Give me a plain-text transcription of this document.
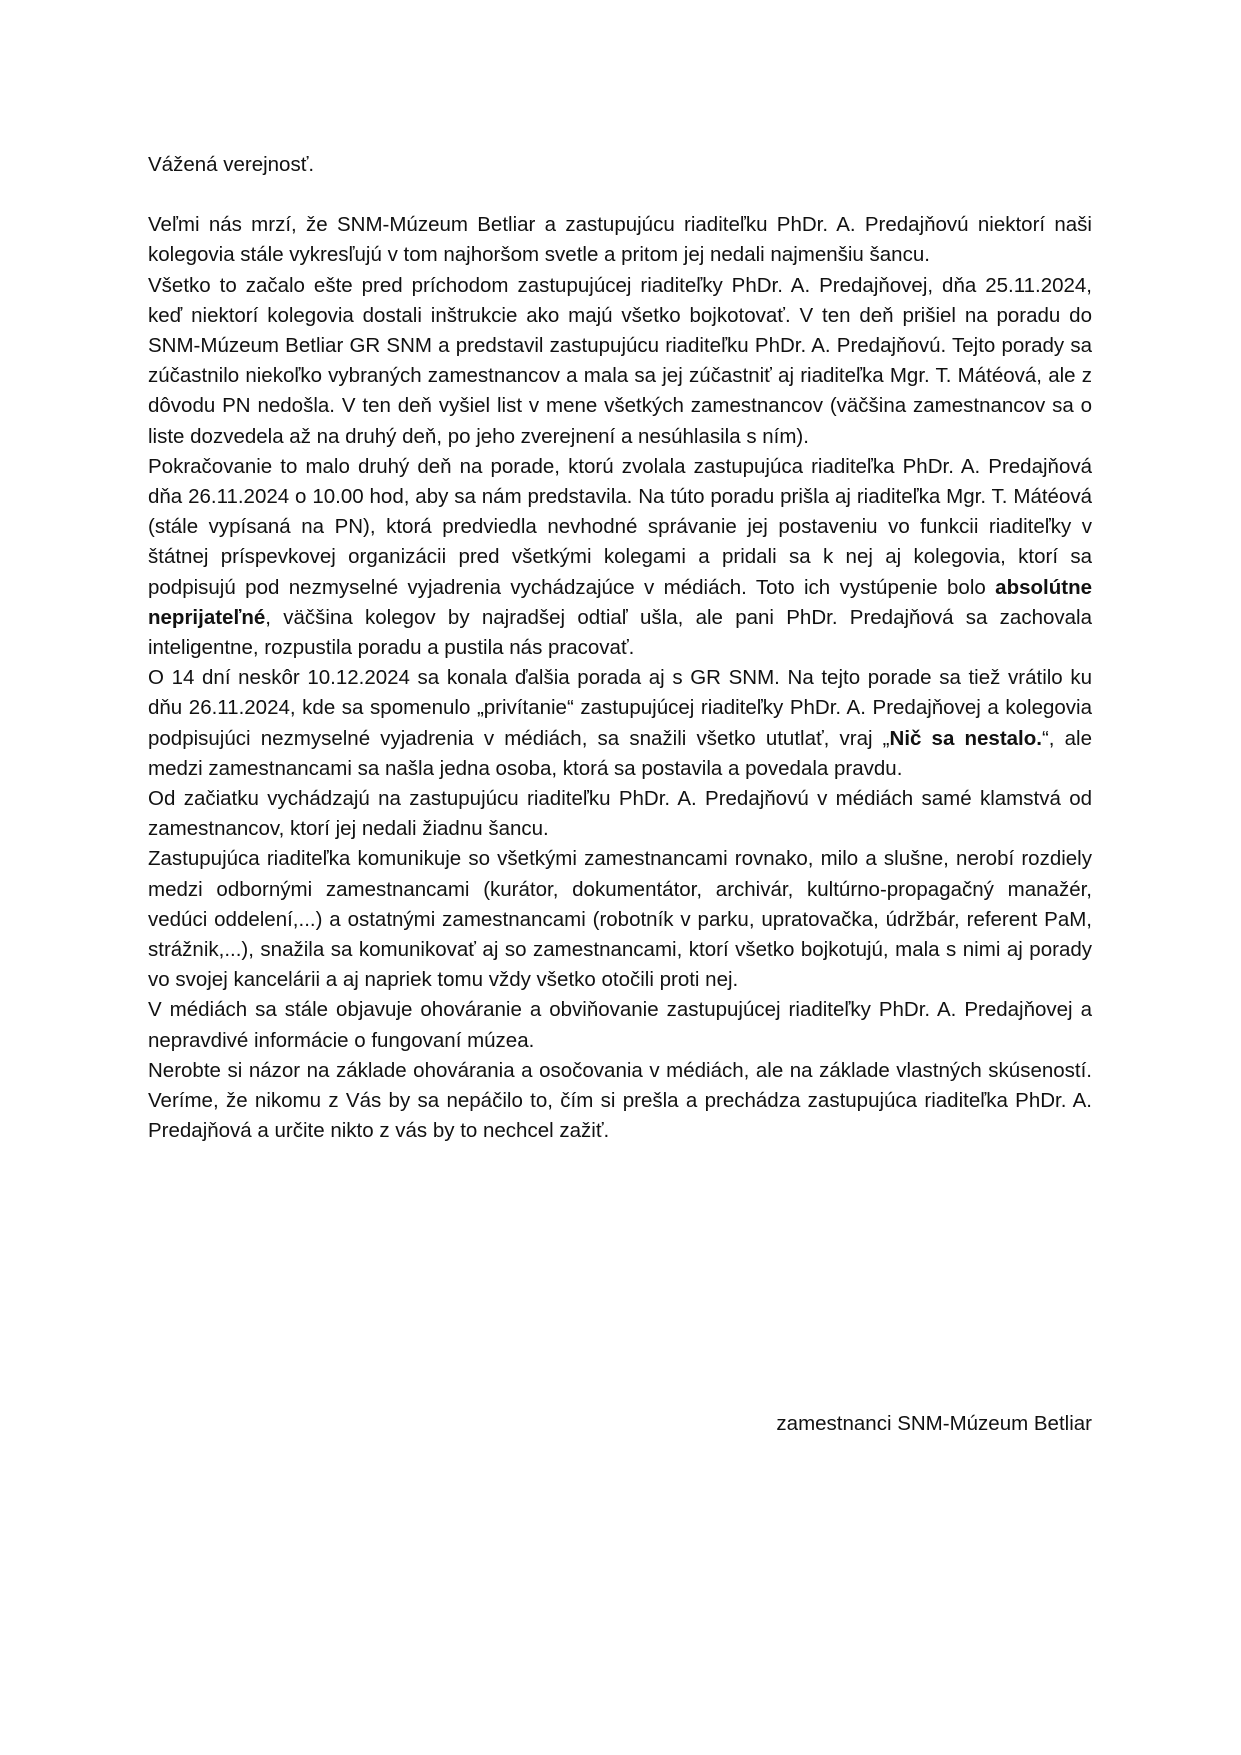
Vážená verejnosť.

Veľmi nás mrzí, že SNM-Múzeum Betliar a zastupujúcu riaditeľku PhDr. A. Predajňovú niektorí naši kolegovia stále vykresľujú v tom najhoršom svetle a pritom jej nedali najmenšiu šancu.

Všetko to začalo ešte pred príchodom zastupujúcej riaditeľky PhDr. A. Predajňovej, dňa 25.11.2024, keď niektorí kolegovia dostali inštrukcie ako majú všetko bojkotovať. V ten deň prišiel na poradu do SNM-Múzeum Betliar GR SNM a predstavil zastupujúcu riaditeľku PhDr. A. Predajňovú. Tejto porady sa zúčastnilo niekoľko vybraných zamestnancov a mala sa jej zúčastniť aj riaditeľka Mgr. T. Mátéová, ale z dôvodu PN nedošla. V ten deň vyšiel list v mene všetkých zamestnancov (väčšina zamestnancov sa o liste dozvedela až na druhý deň, po jeho zverejnení a nesúhlasila s ním).

Pokračovanie to malo druhý deň na porade, ktorú zvolala zastupujúca riaditeľka PhDr. A. Predajňová dňa 26.11.2024 o 10.00 hod, aby sa nám predstavila. Na túto poradu prišla aj riaditeľka Mgr. T. Mátéová (stále vypísaná na PN), ktorá predviedla nevhodné správanie jej postaveniu vo funkcii riaditeľky v štátnej príspevkovej organizácii pred všetkými kolegami a pridali sa k nej aj kolegovia, ktorí sa podpisujú pod nezmyselné vyjadrenia vychádzajúce v médiách. Toto ich vystúpenie bolo absolútne neprijateľné, väčšina kolegov by najradšej odtiaľ ušla, ale pani PhDr. Predajňová sa zachovala inteligentne, rozpustila poradu a pustila nás pracovať.

O 14 dní neskôr 10.12.2024 sa konala ďalšia porada aj s GR SNM. Na tejto porade sa tiež vrátilo ku dňu 26.11.2024, kde sa spomenulo „privítanie“ zastupujúcej riaditeľky PhDr. A. Predajňovej a kolegovia podpisujúci nezmyselné vyjadrenia v médiách, sa snažili všetko ututlať, vraj „Nič sa nestalo.“, ale medzi zamestnancami sa našla jedna osoba, ktorá sa postavila a povedala pravdu.

Od začiatku vychádzajú na zastupujúcu riaditeľku PhDr. A. Predajňovú v médiách samé klamstvá od zamestnancov, ktorí jej nedali žiadnu šancu.

Zastupujúca riaditeľka komunikuje so všetkými zamestnancami rovnako, milo a slušne, nerobí rozdiely medzi odbornými zamestnancami (kurátor, dokumentátor, archivár, kultúrno-propagačný manažér, vedúci oddelení,...) a ostatnými zamestnancami (robotník v parku, upratovačka, údržbár, referent PaM, strážnik,...), snažila sa komunikovať aj so zamestnancami, ktorí všetko bojkotujú, mala s nimi aj porady vo svojej kancelárii a aj napriek tomu vždy všetko otočili proti nej.

V médiách sa stále objavuje ohováranie a obviňovanie zastupujúcej riaditeľky PhDr. A. Predajňovej a nepravdivé informácie o fungovaní múzea.

Nerobte si názor na základe ohovárania a osočovania v médiách, ale na základe vlastných skúseností. Veríme, že nikomu z Vás by sa nepáčilo to, čím si prešla a prechádza zastupujúca riaditeľka PhDr. A. Predajňová a určite nikto z vás by to nechcel zažiť.

zamestnanci SNM-Múzeum Betliar
